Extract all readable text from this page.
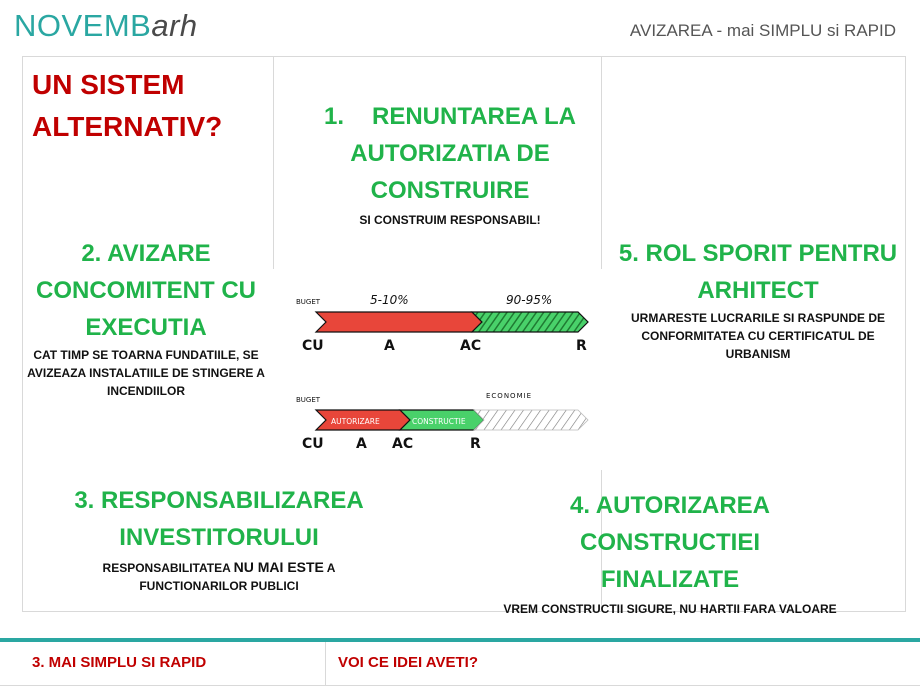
NOVEMBarh	AVIZAREA - mai SIMPLU si RAPID
UN SISTEM ALTERNATIV?	1. RENUNTAREA LA AUTORIZATIA DE CONSTRUIRE
SI CONSTRUIM RESPONSABIL!
2. AVIZARE CONCOMITENT CU EXECUTIA
CAT TIMP SE TOARNA FUNDATIILE, SE AVIZEAZA INSTALATIILE DE STINGERE A INCENDIILOR
5. ROL SPORIT PENTRU ARHITECT
URMARESTE LUCRARILE SI RASPUNDE DE CONFORMITATEA CU CERTIFICATUL DE URBANISM
BUGET	5-10%	90-95%
CU	A	AC	R
BUGET	ECONOMIE
AUTORIZARE	CONSTRUCTIE
CU A AC	R
3. RESPONSABILIZAREA INVESTITORULUI
RESPONSABILITATEA NU MAI ESTE A FUNCTIONARILOR PUBLICI
4. AUTORIZAREA CONSTRUCTIEI FINALIZATE
VREM CONSTRUCTII SIGURE, NU HARTII FARA VALOARE
3. MAI SIMPLU SI RAPID	VOI CE IDEI AVETI?
